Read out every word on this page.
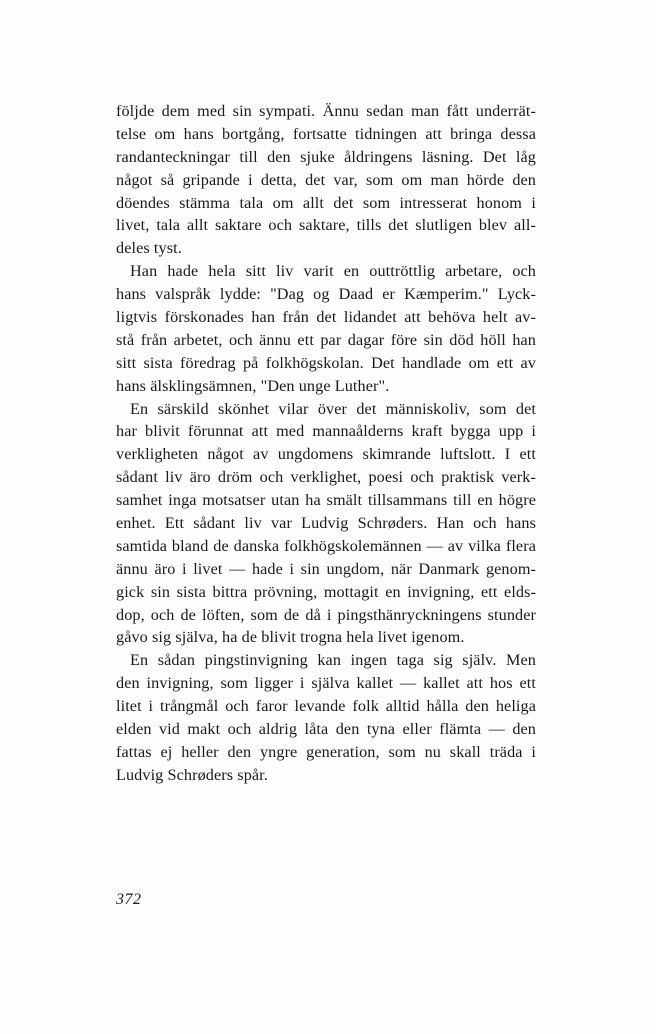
följde dem med sin sympati. Ännu sedan man fått underrät-
telse om hans bortgång, fortsatte tidningen att bringa dessa
randanteckningar till den sjuke åldringens läsning. Det låg
något så gripande i detta, det var, som om man hörde den
döendes stämma tala om allt det som intresserat honom i
livet, tala allt saktare och saktare, tills det slutligen blev all-
deles tyst.
Han hade hela sitt liv varit en outtröttlig arbetare, och
hans valspråk lydde: "Dag og Daad er Kæmperim." Lyck-
ligtvis förskonades han från det lidandet att behöva helt av-
stå från arbetet, och ännu ett par dagar före sin död höll han
sitt sista föredrag på folkhögskolan. Det handlade om ett av
hans älsklingsämnen, "Den unge Luther".
En särskild skönhet vilar över det människoliv, som det
har blivit förunnat att med mannaålderns kraft bygga upp i
verkligheten något av ungdomens skimrande luftslott. I ett
sådant liv äro dröm och verklighet, poesi och praktisk verk-
samhet inga motsatser utan ha smält tillsammans till en högre
enhet. Ett sådant liv var Ludvig Schrøders. Han och hans
samtida bland de danska folkhögskolemännen — av vilka flera
ännu äro i livet — hade i sin ungdom, när Danmark genom-
gick sin sista bittra prövning, mottagit en invigning, ett elds-
dop, och de löften, som de då i pingsthänryckningens stunder
gåvo sig själva, ha de blivit trogna hela livet igenom.
En sådan pingstinvigning kan ingen taga sig själv. Men
den invigning, som ligger i själva kallet — kallet att hos ett
litet i trångmål och faror levande folk alltid hålla den heliga
elden vid makt och aldrig låta den tyna eller flämta — den
fattas ej heller den yngre generation, som nu skall träda i
Ludvig Schrøders spår.
372
